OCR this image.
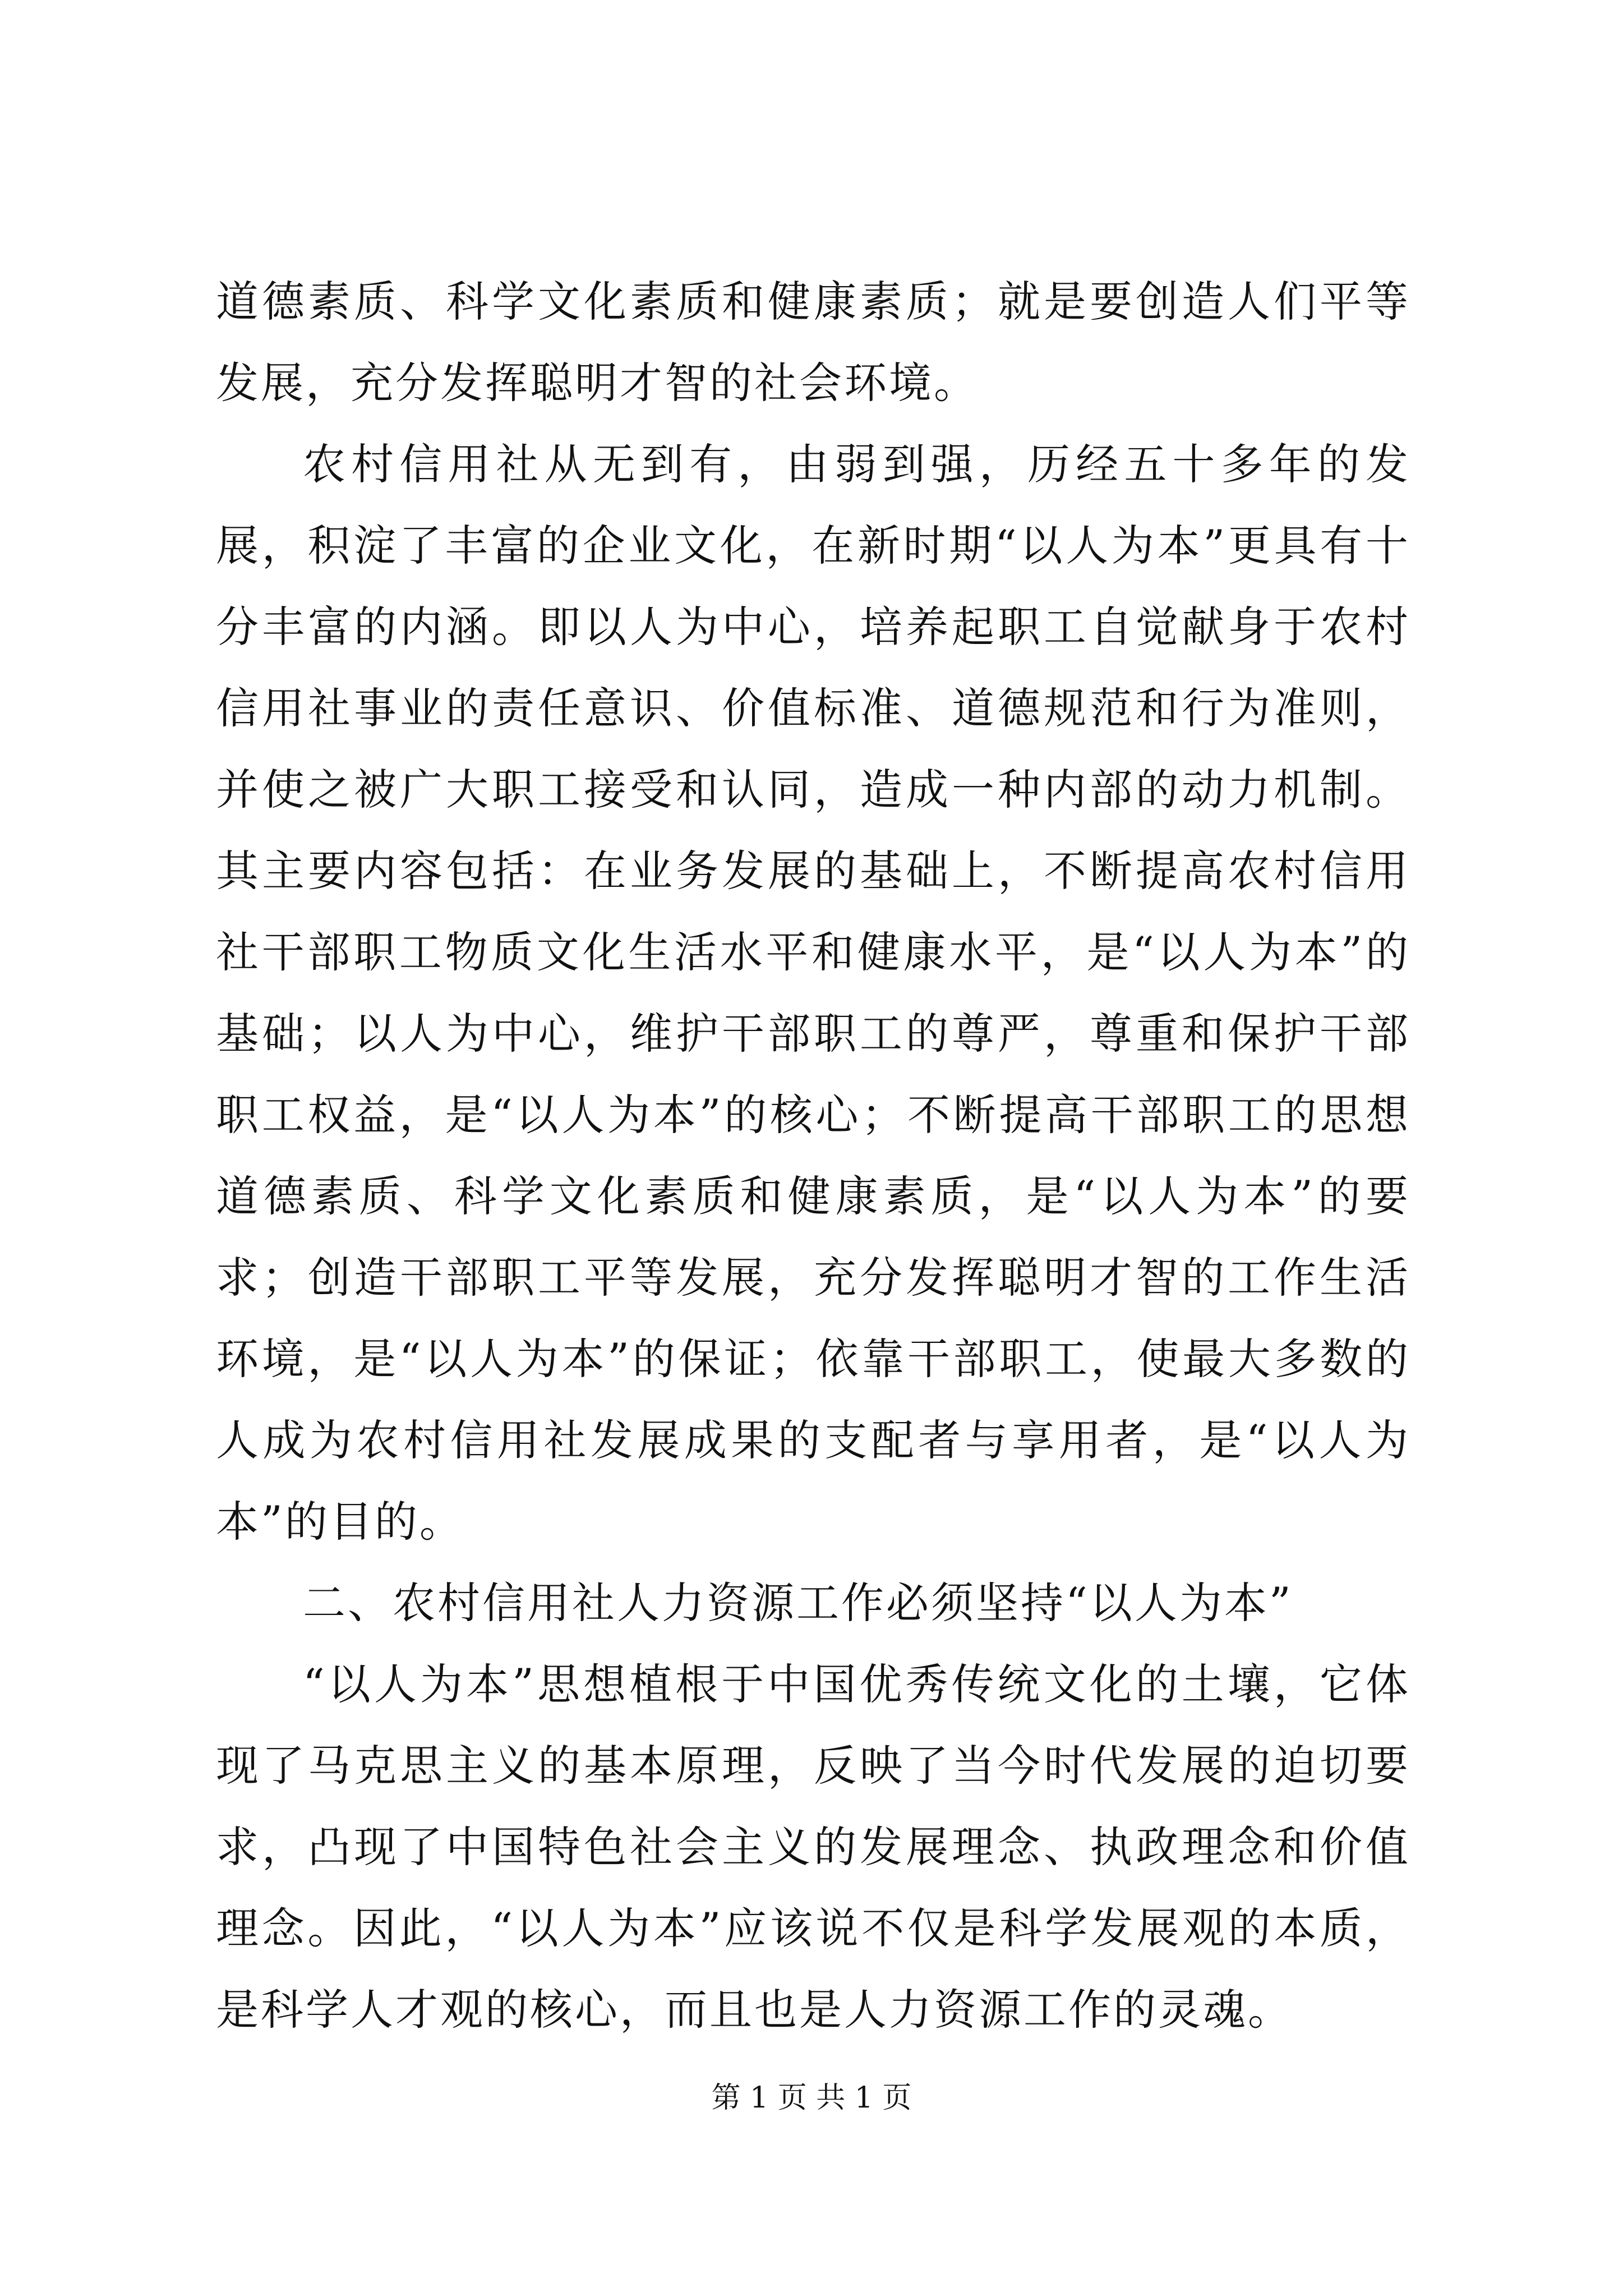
道德素质、科学文化素质和健康素质；就是要创造人们平等发展，充分发挥聪明才智的社会环境。

农村信用社从无到有，由弱到强，历经五十多年的发展，积淀了丰富的企业文化，在新时期“以人为本”更具有十分丰富的内涵。即以人为中心，培养起职工自觉献身于农村信用社事业的责任意识、价值标准、道德规范和行为准则，并使之被广大职工接受和认同，造成一种内部的动力机制。其主要内容包括：在业务发展的基础上，不断提高农村信用社干部职工物质文化生活水平和健康水平，是“以人为本”的基础；以人为中心，维护干部职工的尊严，尊重和保护干部职工权益，是“以人为本”的核心；不断提高干部职工的思想道德素质、科学文化素质和健康素质，是“以人为本”的要求；创造干部职工平等发展，充分发挥聪明才智的工作生活环境，是“以人为本”的保证；依靠干部职工，使最大多数的人成为农村信用社发展成果的支配者与享用者，是“以人为本”的目的。

二、农村信用社人力资源工作必须坚持“以人为本”

“以人为本”思想植根于中国优秀传统文化的土壤，它体现了马克思主义的基本原理，反映了当今时代发展的迫切要求，凸现了中国特色社会主义的发展理念、执政理念和价值理念。因此，“以人为本”应该说不仅是科学发展观的本质，是科学人才观的核心，而且也是人力资源工作的灵魂。

第 1 页 共 1 页
